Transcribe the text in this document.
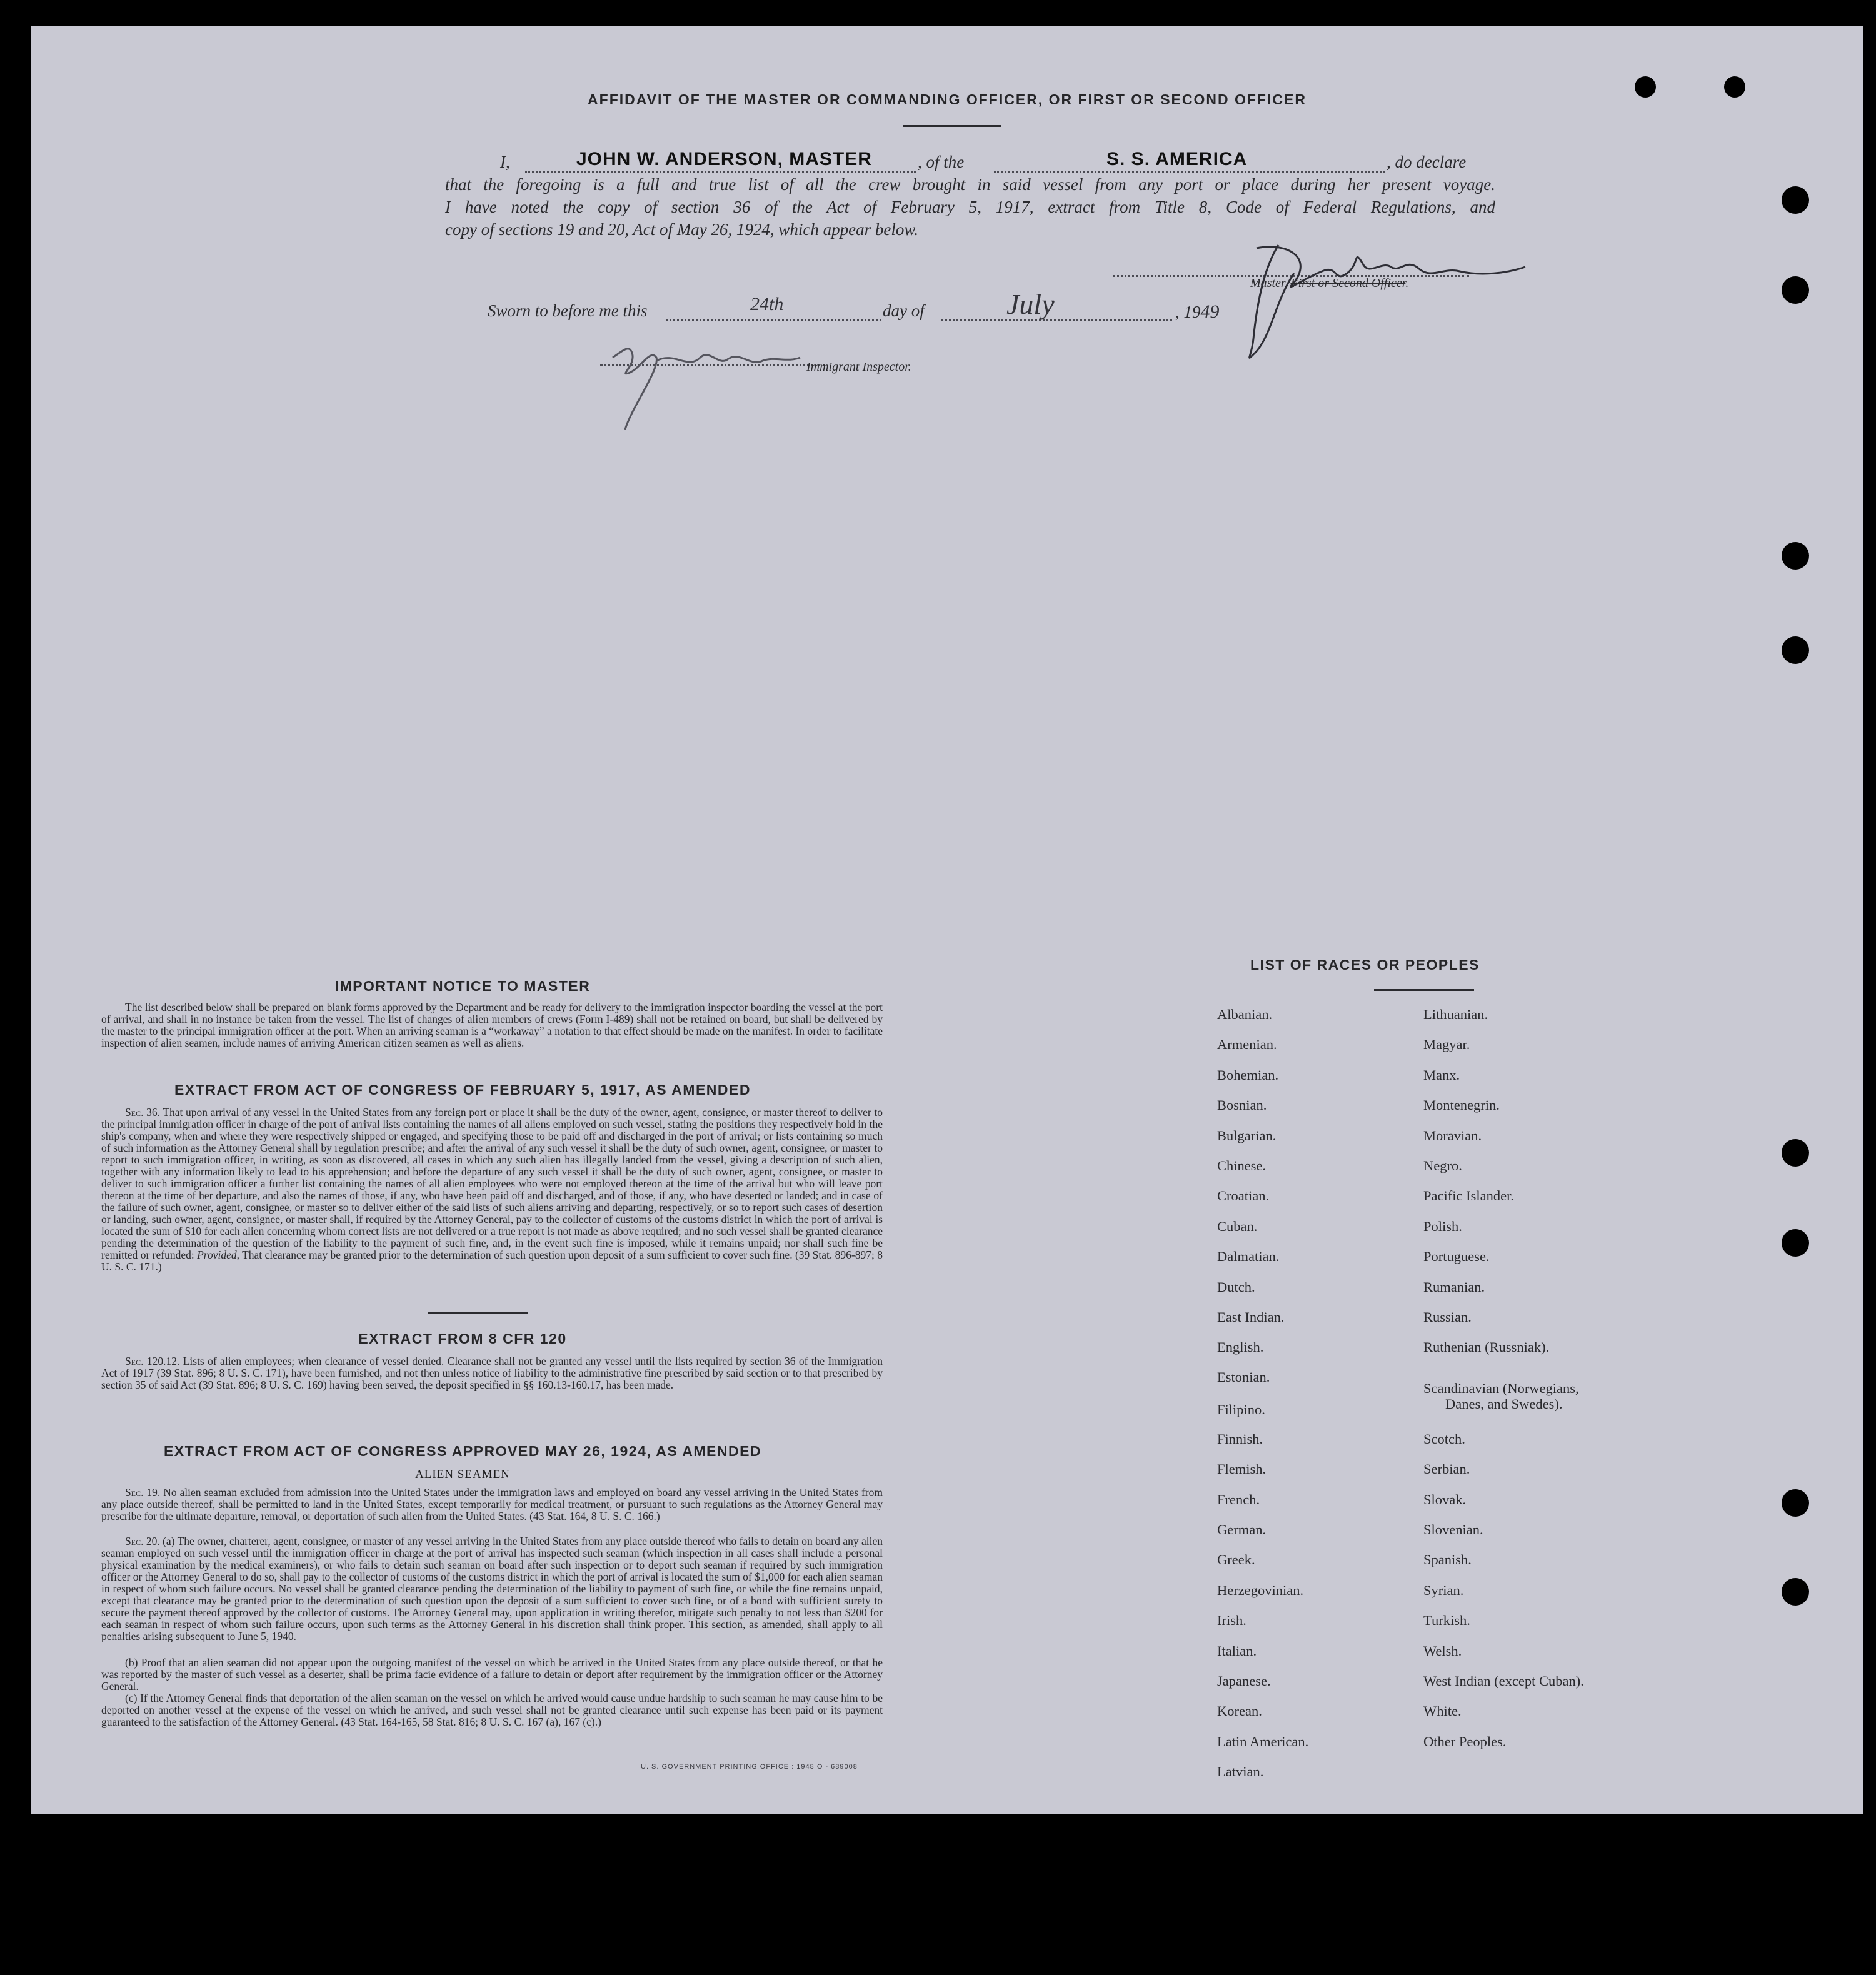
AFFIDAVIT OF THE MASTER OR COMMANDING OFFICER, OR FIRST OR SECOND OFFICER
I,	JOHN W. ANDERSON, MASTER	, of the	S. S. AMERICA	, do declare
that the foregoing is a full and true list of all the crew brought in said vessel from any port or place during her present voyage.
I have noted the copy of section 36 of the Act of February 5, 1917, extract from Title 8, Code of Federal Regulations, and
copy of sections 19 and 20, Act of May 26, 1924, which appear below.
Master, First or Second Officer.
Sworn to before me this	24th	day of	July	, 1949
Immigrant Inspector.
IMPORTANT NOTICE TO MASTER

The list described below shall be prepared on blank forms approved by the Department and be ready for delivery to the immigration inspector boarding the vessel at the port of arrival, and shall in no instance be taken from the vessel. The list of changes of alien members of crews (Form I-489) shall not be retained on board, but shall be delivered by the master to the principal immigration officer at the port. When an arriving seaman is a “workaway” a notation to that effect should be made on the manifest. In order to facilitate inspection of alien seamen, include names of arriving American citizen seamen as well as aliens.

EXTRACT FROM ACT OF CONGRESS OF FEBRUARY 5, 1917, AS AMENDED

Sec. 36. That upon arrival of any vessel in the United States from any foreign port or place it shall be the duty of the owner, agent, consignee, or master thereof to deliver to the principal immigration officer in charge of the port of arrival lists containing the names of all aliens employed on such vessel, stating the positions they respectively hold in the ship's company, when and where they were respectively shipped or engaged, and specifying those to be paid off and discharged in the port of arrival; or lists containing so much of such information as the Attorney General shall by regulation prescribe; and after the arrival of any such vessel it shall be the duty of such owner, agent, consignee, or master to report to such immigration officer, in writing, as soon as discovered, all cases in which any such alien has illegally landed from the vessel, giving a description of such alien, together with any information likely to lead to his apprehension; and before the departure of any such vessel it shall be the duty of such owner, agent, consignee, or master to deliver to such immigration officer a further list containing the names of all alien employees who were not employed thereon at the time of the arrival but who will leave port thereon at the time of her departure, and also the names of those, if any, who have been paid off and discharged, and of those, if any, who have deserted or landed; and in case of the failure of such owner, agent, consignee, or master so to deliver either of the said lists of such aliens arriving and departing, respectively, or so to report such cases of desertion or landing, such owner, agent, consignee, or master shall, if required by the Attorney General, pay to the collector of customs of the customs district in which the port of arrival is located the sum of $10 for each alien concerning whom correct lists are not delivered or a true report is not made as above required; and no such vessel shall be granted clearance pending the determination of the question of the liability to the payment of such fine, and, in the event such fine is imposed, while it remains unpaid; nor shall such fine be remitted or refunded: Provided, That clearance may be granted prior to the determination of such question upon deposit of a sum sufficient to cover such fine. (39 Stat. 896-897; 8 U. S. C. 171.)

EXTRACT FROM 8 CFR 120

Sec. 120.12. Lists of alien employees; when clearance of vessel denied. Clearance shall not be granted any vessel until the lists required by section 36 of the Immigration Act of 1917 (39 Stat. 896; 8 U. S. C. 171), have been furnished, and not then unless notice of liability to the administrative fine prescribed by said section or to that prescribed by section 35 of said Act (39 Stat. 896; 8 U. S. C. 169) having been served, the deposit specified in §§ 160.13-160.17, has been made.

EXTRACT FROM ACT OF CONGRESS APPROVED MAY 26, 1924, AS AMENDED
ALIEN SEAMEN

Sec. 19. No alien seaman excluded from admission into the United States under the immigration laws and employed on board any vessel arriving in the United States from any place outside thereof, shall be permitted to land in the United States, except temporarily for medical treatment, or pursuant to such regulations as the Attorney General may prescribe for the ultimate departure, removal, or deportation of such alien from the United States. (43 Stat. 164, 8 U. S. C. 166.)

Sec. 20. (a) The owner, charterer, agent, consignee, or master of any vessel arriving in the United States from any place outside thereof who fails to detain on board any alien seaman employed on such vessel until the immigration officer in charge at the port of arrival has inspected such seaman (which inspection in all cases shall include a personal physical examination by the medical examiners), or who fails to detain such seaman on board after such inspection or to deport such seaman if required by such immigration officer or the Attorney General to do so, shall pay to the collector of customs of the customs district in which the port of arrival is located the sum of $1,000 for each alien seaman in respect of whom such failure occurs. No vessel shall be granted clearance pending the determination of the liability to payment of such fine, or while the fine remains unpaid, except that clearance may be granted prior to the determination of such question upon the deposit of a sum sufficient to cover such fine, or of a bond with sufficient surety to secure the payment thereof approved by the collector of customs. The Attorney General may, upon application in writing therefor, mitigate such penalty to not less than $200 for each seaman in respect of whom such failure occurs, upon such terms as the Attorney General in his discretion shall think proper. This section, as amended, shall apply to all penalties arising subsequent to June 5, 1940.

(b) Proof that an alien seaman did not appear upon the outgoing manifest of the vessel on which he arrived in the United States from any place outside thereof, or that he was reported by the master of such vessel as a deserter, shall be prima facie evidence of a failure to detain or deport after requirement by the immigration officer or the Attorney General.

(c) If the Attorney General finds that deportation of the alien seaman on the vessel on which he arrived would cause undue hardship to such seaman he may cause him to be deported on another vessel at the expense of the vessel on which he arrived, and such vessel shall not be granted clearance until such expense has been paid or its payment guaranteed to the satisfaction of the Attorney General. (43 Stat. 164-165, 58 Stat. 816; 8 U. S. C. 167 (a), 167 (c).)

U. S. GOVERNMENT PRINTING OFFICE : 1948 O - 689008
LIST OF RACES OR PEOPLES
Albanian.
Armenian.
Bohemian.
Bosnian.
Bulgarian.
Chinese.
Croatian.
Cuban.
Dalmatian.
Dutch.
East Indian.
English.
Estonian.
Filipino.
Finnish.
Flemish.
French.
German.
Greek.
Herzegovinian.
Irish.
Italian.
Japanese.
Korean.
Latin American.
Latvian.
Lithuanian.
Magyar.
Manx.
Montenegrin.
Moravian.
Negro.
Pacific Islander.
Polish.
Portuguese.
Rumanian.
Russian.
Ruthenian (Russniak).
Scandinavian (Norwegians,
Danes, and Swedes).
Scotch.
Serbian.
Slovak.
Slovenian.
Spanish.
Syrian.
Turkish.
Welsh.
West Indian (except Cuban).
White.
Other Peoples.
